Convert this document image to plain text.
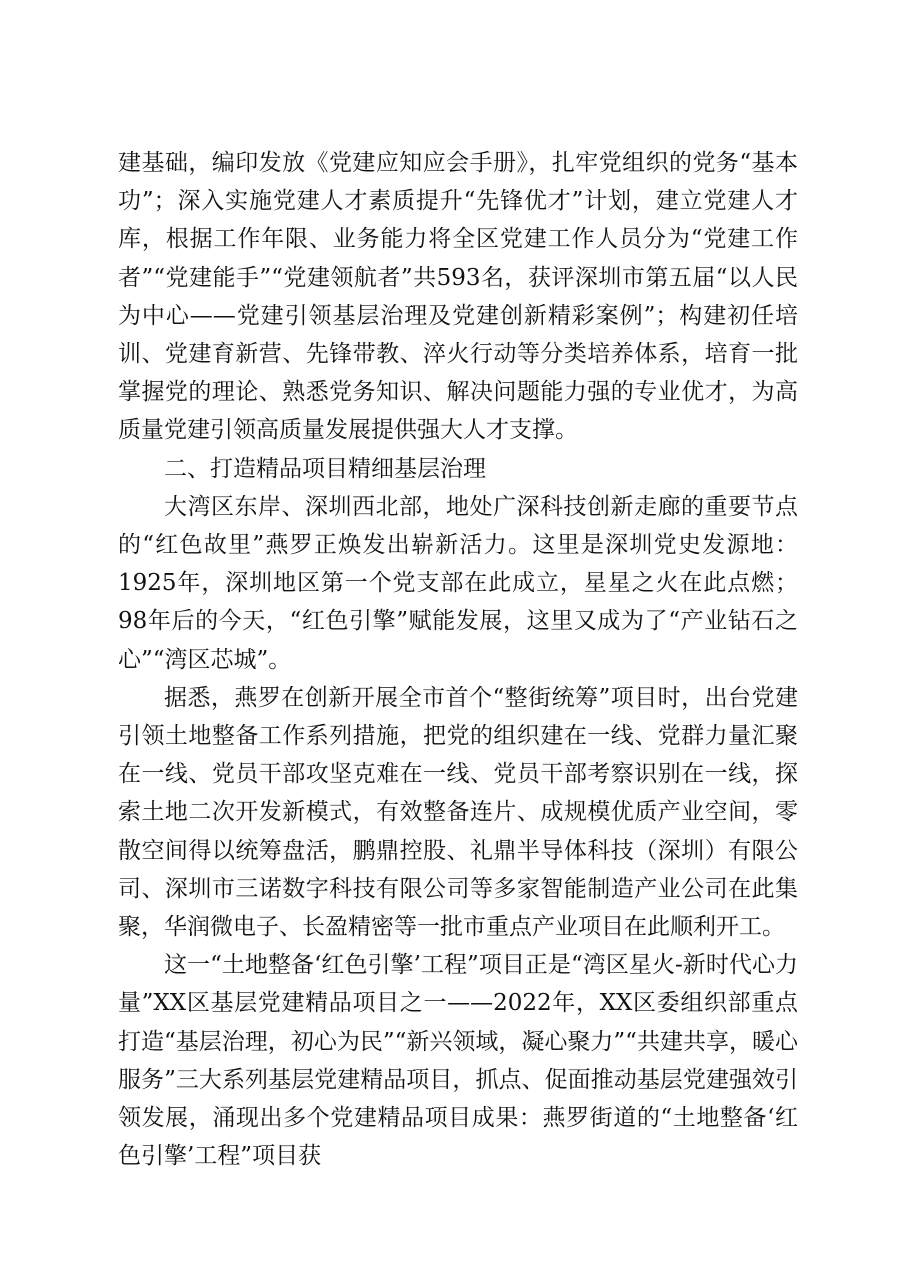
建基础，编印发放《党建应知应会手册》，扎牢党组织的党务“基本功”；深入实施党建人才素质提升“先锋优才”计划，建立党建人才库，根据工作年限、业务能力将全区党建工作人员分为“党建工作者”“党建能手”“党建领航者”共593名，获评深圳市第五届“以人民为中心——党建引领基层治理及党建创新精彩案例”；构建初任培训、党建育新营、先锋带教、淬火行动等分类培养体系，培育一批掌握党的理论、熟悉党务知识、解决问题能力强的专业优才，为高质量党建引领高质量发展提供强大人才支撑。

二、打造精品项目精细基层治理

大湾区东岸、深圳西北部，地处广深科技创新走廊的重要节点的“红色故里”燕罗正焕发出崭新活力。这里是深圳党史发源地：1925年，深圳地区第一个党支部在此成立，星星之火在此点燃；98年后的今天，“红色引擎”赋能发展，这里又成为了“产业钻石之心”“湾区芯城”。

据悉，燕罗在创新开展全市首个“整街统筹”项目时，出台党建引领土地整备工作系列措施，把党的组织建在一线、党群力量汇聚在一线、党员干部攻坚克难在一线、党员干部考察识别在一线，探索土地二次开发新模式，有效整备连片、成规模优质产业空间，零散空间得以统筹盘活，鹏鼎控股、礼鼎半导体科技（深圳）有限公司、深圳市三诺数字科技有限公司等多家智能制造产业公司在此集聚，华润微电子、长盈精密等一批市重点产业项目在此顺利开工。

这一“土地整备‘红色引擎’工程”项目正是“湾区星火-新时代心力量”XX区基层党建精品项目之一——2022年，XX区委组织部重点打造“基层治理，初心为民”“新兴领域，凝心聚力”“共建共享，暖心服务”三大系列基层党建精品项目，抓点、促面推动基层党建强效引领发展，涌现出多个党建精品项目成果：燕罗街道的“土地整备‘红色引擎’工程”项目获
